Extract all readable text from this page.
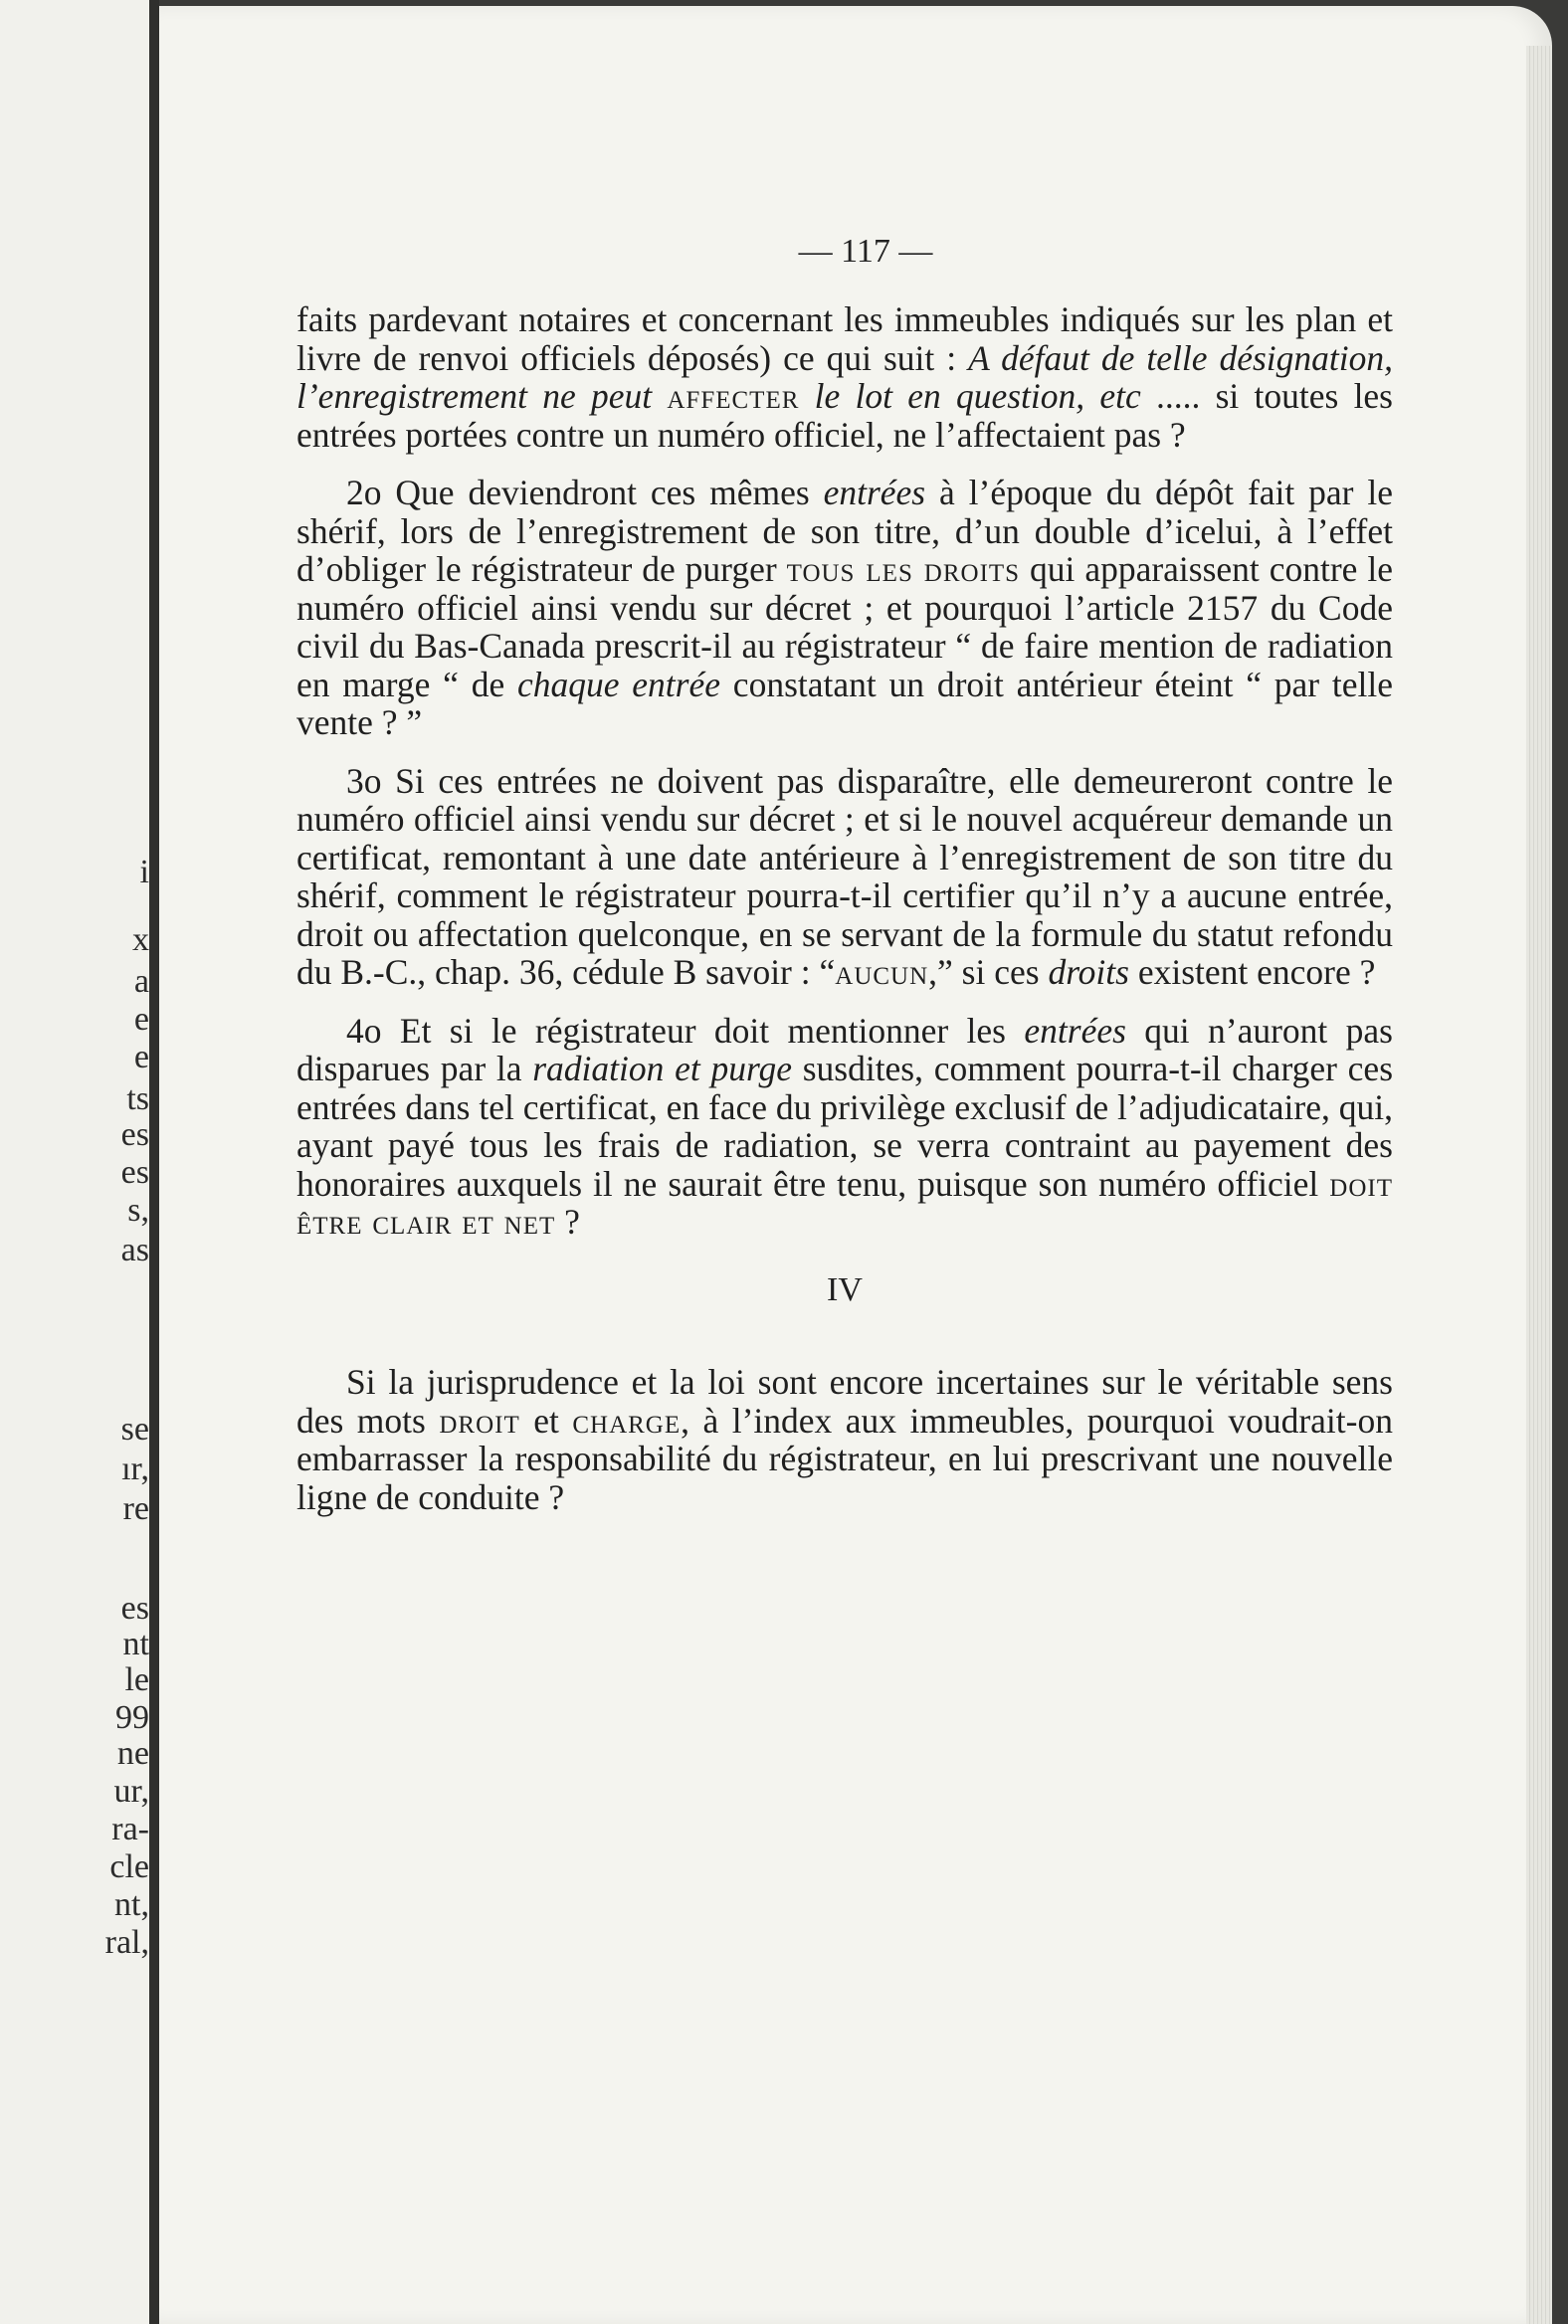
i
x
a
e
e
ts
es
es
s,
as
se
ır,
re
es
nt
le
99
ne
ur,
ra-
cle
nt,
ral,
— 117 —

faits pardevant notaires et concernant les immeubles indiqués sur les plan et livre de renvoi officiels déposés) ce qui suit : A défaut de telle désignation, l’enregistrement ne peut affecter le lot en question, etc ..... si toutes les entrées portées contre un numéro officiel, ne l’affectaient pas ?

2o Que deviendront ces mêmes entrées à l’époque du dépôt fait par le shérif, lors de l’enregistrement de son titre, d’un double d’icelui, à l’effet d’obliger le régistrateur de purger tous les droits qui apparaissent contre le numéro officiel ainsi vendu sur décret ; et pourquoi l’article 2157 du Code civil du Bas-Canada prescrit-il au régistrateur “ de faire mention de radiation en marge “ de chaque entrée constatant un droit antérieur éteint “ par telle vente ? ”

3o Si ces entrées ne doivent pas disparaître, elle demeureront contre le numéro officiel ainsi vendu sur décret ; et si le nouvel acquéreur demande un certificat, remontant à une date antérieure à l’enregistrement de son titre du shérif, comment le régistrateur pourra-t-il certifier qu’il n’y a aucune entrée, droit ou affectation quelconque, en se servant de la formule du statut refondu du B.-C., chap. 36, cédule B savoir : “aucun,” si ces droits existent encore ?

4o Et si le régistrateur doit mentionner les entrées qui n’auront pas disparues par la radiation et purge susdites, comment pourra-t-il charger ces entrées dans tel certificat, en face du privilège exclusif de l’adjudicataire, qui, ayant payé tous les frais de radiation, se verra contraint au payement des honoraires auxquels il ne saurait être tenu, puisque son numéro officiel doit être clair et net ?

IV

Si la jurisprudence et la loi sont encore incertaines sur le véritable sens des mots droit et charge, à l’index aux immeubles, pourquoi voudrait-on embarrasser la responsabilité du régistrateur, en lui prescrivant une nouvelle ligne de conduite ?
